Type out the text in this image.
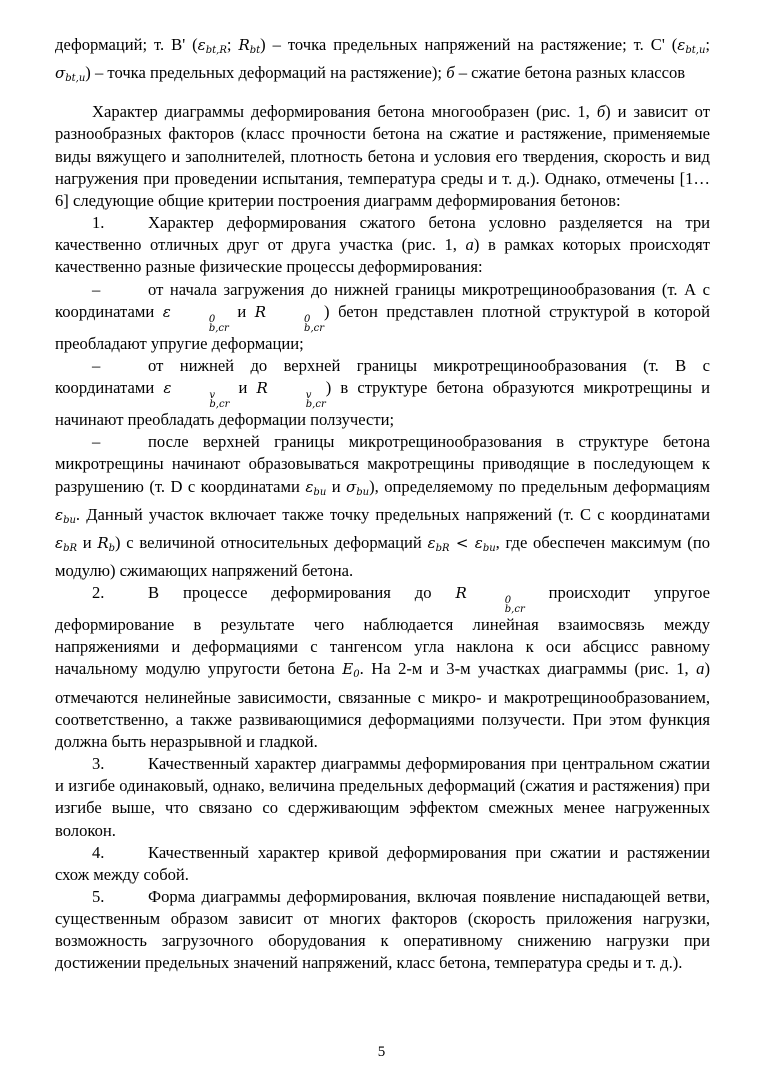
деформаций; т. В' ($\varepsilon_{bt,R}$; $R_{bt}$) – точка предельных напряжений на растяжение; т. С' ($\varepsilon_{bt,u}$; $\sigma_{bt,u}$) – точка предельных деформаций на растяжение); б – сжатие бетона разных классов

Характер диаграммы деформирования бетона многообразен (рис. 1, б) и зависит от разнообразных факторов (класс прочности бетона на сжатие и растяжение, применяемые виды вяжущего и заполнителей, плотность бетона и условия его твердения, скорость и вид нагружения при проведении испытания, температура среды и т. д.). Однако, отмечены [1…6] следующие общие критерии построения диаграмм деформирования бетонов:

1.	Характер деформирования сжатого бетона условно разделяется на три качественно отличных друг от друга участка (рис. 1, а) в рамках которых происходят качественно разные физические процессы деформирования:

–	от начала загружения до нижней границы микротрещинообразования (т. А с координатами ε	0
b,cr
и R	0
b,cr
) бетон представлен плотной структурой в которой преобладают упругие деформации;

–	от нижней до верхней границы микротрещинообразования (т. В с координатами ε	v
b,cr
и R	v
b,cr
) в структуре бетона образуются микротрещины и начинают преобладать деформации ползучести;

–	после верхней границы микротрещинообразования в структуре бетона микротрещины начинают образовываться макротрещины приводящие в последующем к разрушению (т. D с координатами $\varepsilon_{bu}$ и $\sigma_{bu}$), определяемому по предельным деформациям $\varepsilon_{bu}$. Данный участок включает также точку предельных напряжений (т. С с координатами $\varepsilon_{bR}$ и $R_b$) с величиной относительных деформаций $\varepsilon_{bR} < \varepsilon_{bu}$, где обеспечен максимум (по модулю) сжимающих напряжений бетона.

2.	В процессе деформирования до R	0
b,cr
происходит упругое деформирование в результате чего наблюдается линейная взаимосвязь между напряжениями и деформациями с тангенсом угла наклона к оси абсцисс равному начальному модулю упругости бетона $E_0$. На 2-м и 3-м участках диаграммы (рис. 1, а) отмечаются нелинейные зависимости, связанные с микро- и макротрещинообразованием, соответственно, а также развивающимися деформациями ползучести. При этом функция должна быть неразрывной и гладкой.

3.	Качественный характер диаграммы деформирования при центральном сжатии и изгибе одинаковый, однако, величина предельных деформаций (сжатия и растяжения) при изгибе выше, что связано со сдерживающим эффектом смежных менее нагруженных волокон.

4.	Качественный характер кривой деформирования при сжатии и растяжении схож между собой.

5.	Форма диаграммы деформирования, включая появление ниспадающей ветви, существенным образом зависит от многих факторов (скорость приложения нагрузки, возможность загрузочного оборудования к оперативному снижению нагрузки при достижении предельных значений напряжений, класс бетона, температура среды и т. д.).

5
